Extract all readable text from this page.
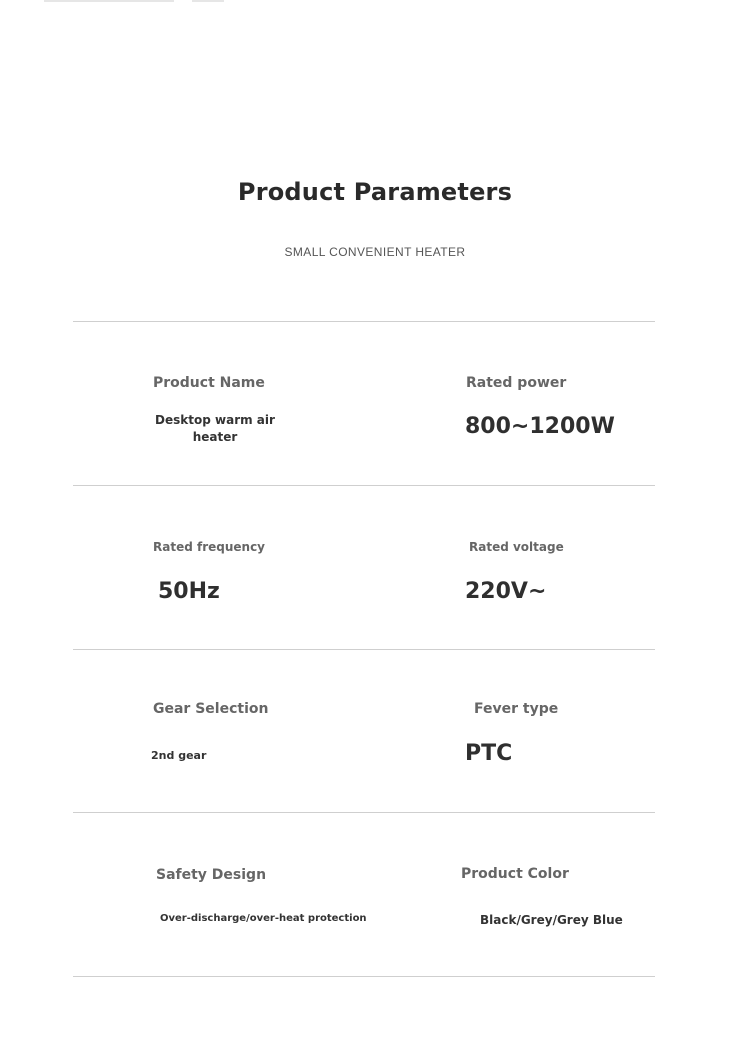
Product Parameters
SMALL CONVENIENT HEATER
Product Name
Desktop warm air heater
Rated power
800~1200W
Rated frequency
50Hz
Rated voltage
220V~
Gear Selection
2nd gear
Fever type
PTC
Safety Design
Over-discharge/over-heat protection
Product Color
Black/Grey/Grey Blue
